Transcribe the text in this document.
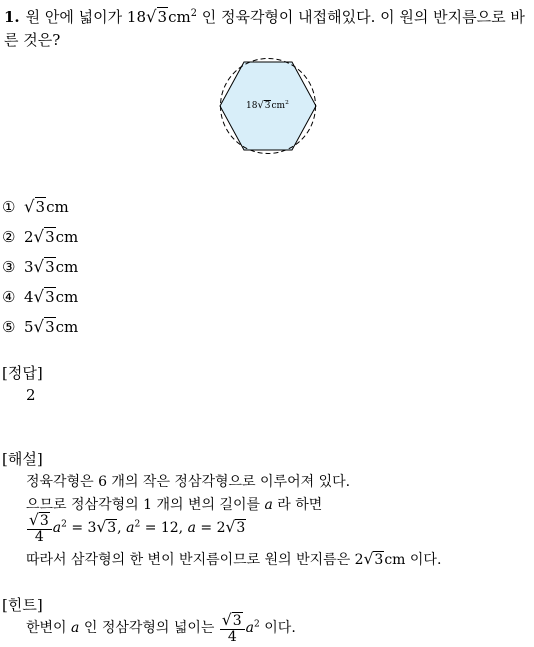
1. 원 안에 넓이가 $18√3cm^2$ 인 정육각형이 내접해있다. 이 원의 반지름으로 바른 것은?
$18√3cm^2$
① √3cm
② 2√3cm
③ 3√3cm
④ 4√3cm
⑤ 5√3cm
[정답]
2
[해설]
정육각형은 6 개의 작은 정삼각형으로 이루어져 있다.
으므로 정삼각형의 1 개의 변의 길이를 a 라 하면
$\frac{√3}{4} a^2 = 3√3$, $a^2 = 12$, a = 2√3
따라서 삼각형의 한 변이 반지름이므로 원의 반지름은 2√3cm 이다.
[힌트]
한변이 a 인 정삼각형의 넓이는 $\frac{√3}{4} a^2$ 이다.
